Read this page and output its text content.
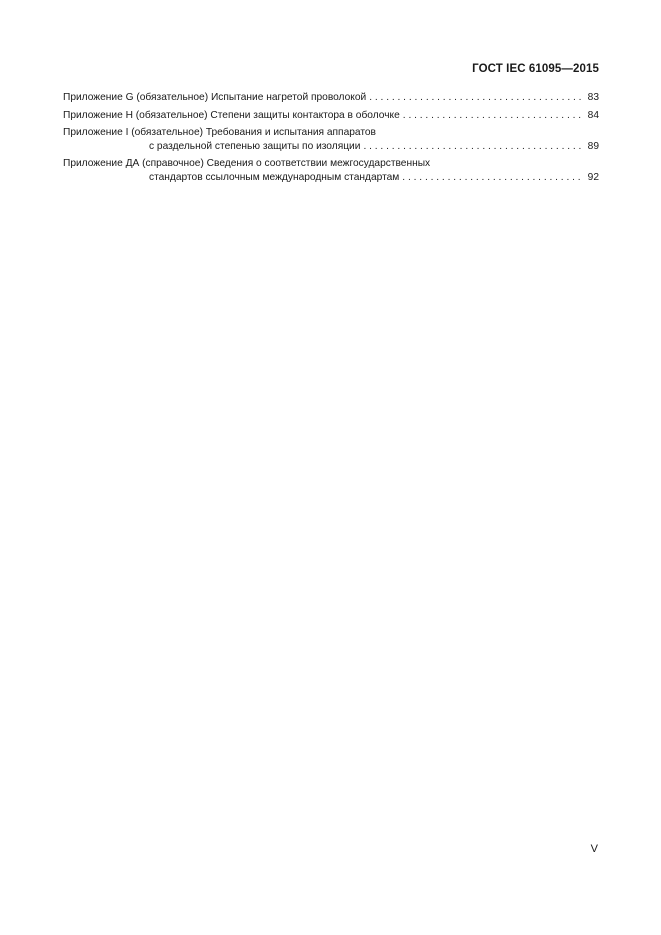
ГОСТ IEC 61095—2015
Приложение G (обязательное) Испытание нагретой проволокой . . .	83
Приложение H (обязательное) Степени защиты контактора в оболочке . . .	84
Приложение I (обязательное) Требования и испытания аппаратов
с раздельной степенью защиты по изоляции . . .	89
Приложение ДА (справочное) Сведения о соответствии межгосударственных
стандартов ссылочным международным стандартам . . .	92
V
